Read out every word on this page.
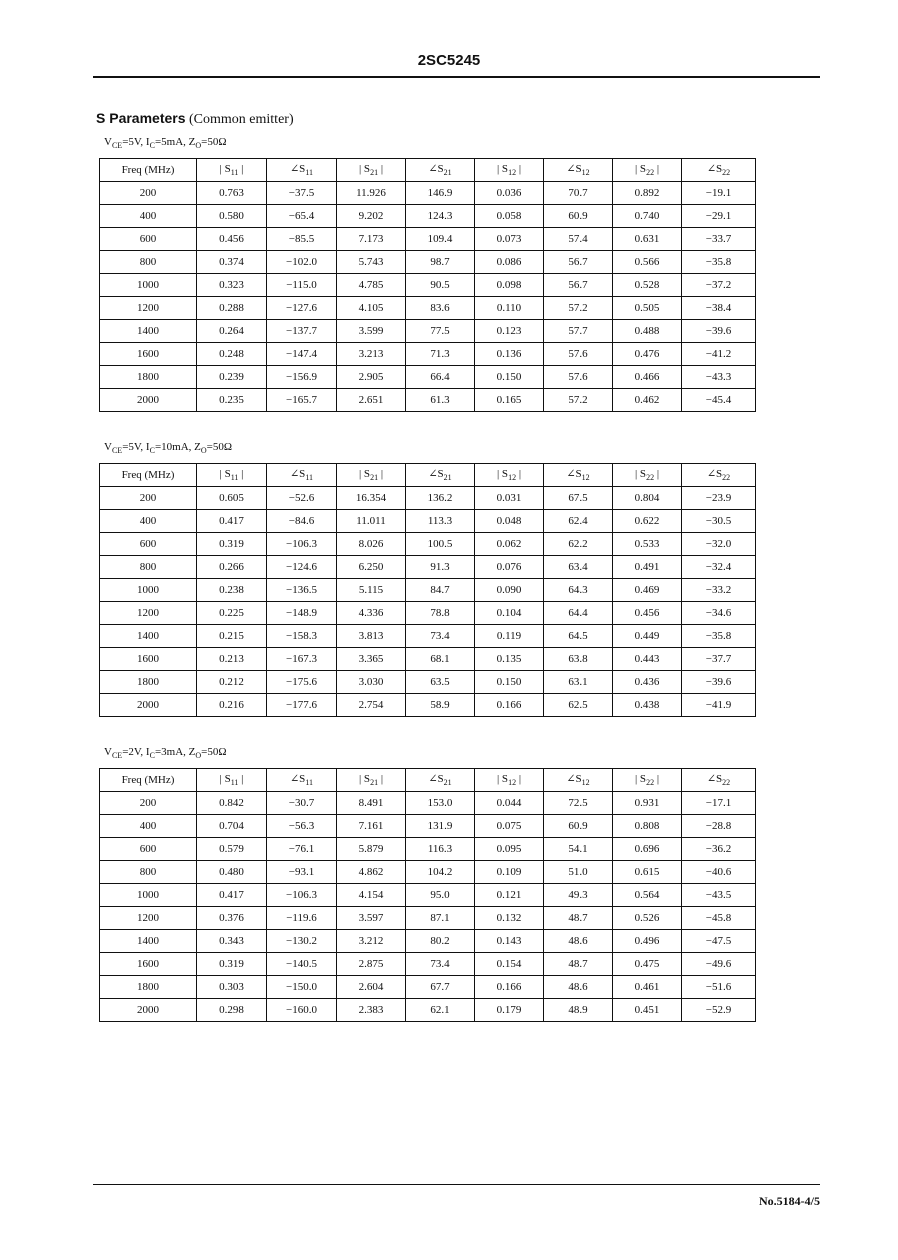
2SC5245
S Parameters (Common emitter)
$V_{CE}=5V$, $I_C=5mA$, $Z_O=50\Omega$
Freq (MHz)	| $S_{11}$ |	$\angle S_{11}$	| $S_{21}$ |	$\angle S_{21}$	| $S_{12}$ |	$\angle S_{12}$	| $S_{22}$ |	$\angle S_{22}$
200	0.763	−37.5	11.926	146.9	0.036	70.7	0.892	−19.1
400	0.580	−65.4	9.202	124.3	0.058	60.9	0.740	−29.1
600	0.456	−85.5	7.173	109.4	0.073	57.4	0.631	−33.7
800	0.374	−102.0	5.743	98.7	0.086	56.7	0.566	−35.8
1000	0.323	−115.0	4.785	90.5	0.098	56.7	0.528	−37.2
1200	0.288	−127.6	4.105	83.6	0.110	57.2	0.505	−38.4
1400	0.264	−137.7	3.599	77.5	0.123	57.7	0.488	−39.6
1600	0.248	−147.4	3.213	71.3	0.136	57.6	0.476	−41.2
1800	0.239	−156.9	2.905	66.4	0.150	57.6	0.466	−43.3
2000	0.235	−165.7	2.651	61.3	0.165	57.2	0.462	−45.4
$V_{CE}=5V$, $I_C=10mA$, $Z_O=50\Omega$
Freq (MHz)	| $S_{11}$ |	$\angle S_{11}$	| $S_{21}$ |	$\angle S_{21}$	| $S_{12}$ |	$\angle S_{12}$	| $S_{22}$ |	$\angle S_{22}$
200	0.605	−52.6	16.354	136.2	0.031	67.5	0.804	−23.9
400	0.417	−84.6	11.011	113.3	0.048	62.4	0.622	−30.5
600	0.319	−106.3	8.026	100.5	0.062	62.2	0.533	−32.0
800	0.266	−124.6	6.250	91.3	0.076	63.4	0.491	−32.4
1000	0.238	−136.5	5.115	84.7	0.090	64.3	0.469	−33.2
1200	0.225	−148.9	4.336	78.8	0.104	64.4	0.456	−34.6
1400	0.215	−158.3	3.813	73.4	0.119	64.5	0.449	−35.8
1600	0.213	−167.3	3.365	68.1	0.135	63.8	0.443	−37.7
1800	0.212	−175.6	3.030	63.5	0.150	63.1	0.436	−39.6
2000	0.216	−177.6	2.754	58.9	0.166	62.5	0.438	−41.9
$V_{CE}=2V$, $I_C=3mA$, $Z_O=50\Omega$
Freq (MHz)	| $S_{11}$ |	$\angle S_{11}$	| $S_{21}$ |	$\angle S_{21}$	| $S_{12}$ |	$\angle S_{12}$	| $S_{22}$ |	$\angle S_{22}$
200	0.842	−30.7	8.491	153.0	0.044	72.5	0.931	−17.1
400	0.704	−56.3	7.161	131.9	0.075	60.9	0.808	−28.8
600	0.579	−76.1	5.879	116.3	0.095	54.1	0.696	−36.2
800	0.480	−93.1	4.862	104.2	0.109	51.0	0.615	−40.6
1000	0.417	−106.3	4.154	95.0	0.121	49.3	0.564	−43.5
1200	0.376	−119.6	3.597	87.1	0.132	48.7	0.526	−45.8
1400	0.343	−130.2	3.212	80.2	0.143	48.6	0.496	−47.5
1600	0.319	−140.5	2.875	73.4	0.154	48.7	0.475	−49.6
1800	0.303	−150.0	2.604	67.7	0.166	48.6	0.461	−51.6
2000	0.298	−160.0	2.383	62.1	0.179	48.9	0.451	−52.9
No.5184-4/5
